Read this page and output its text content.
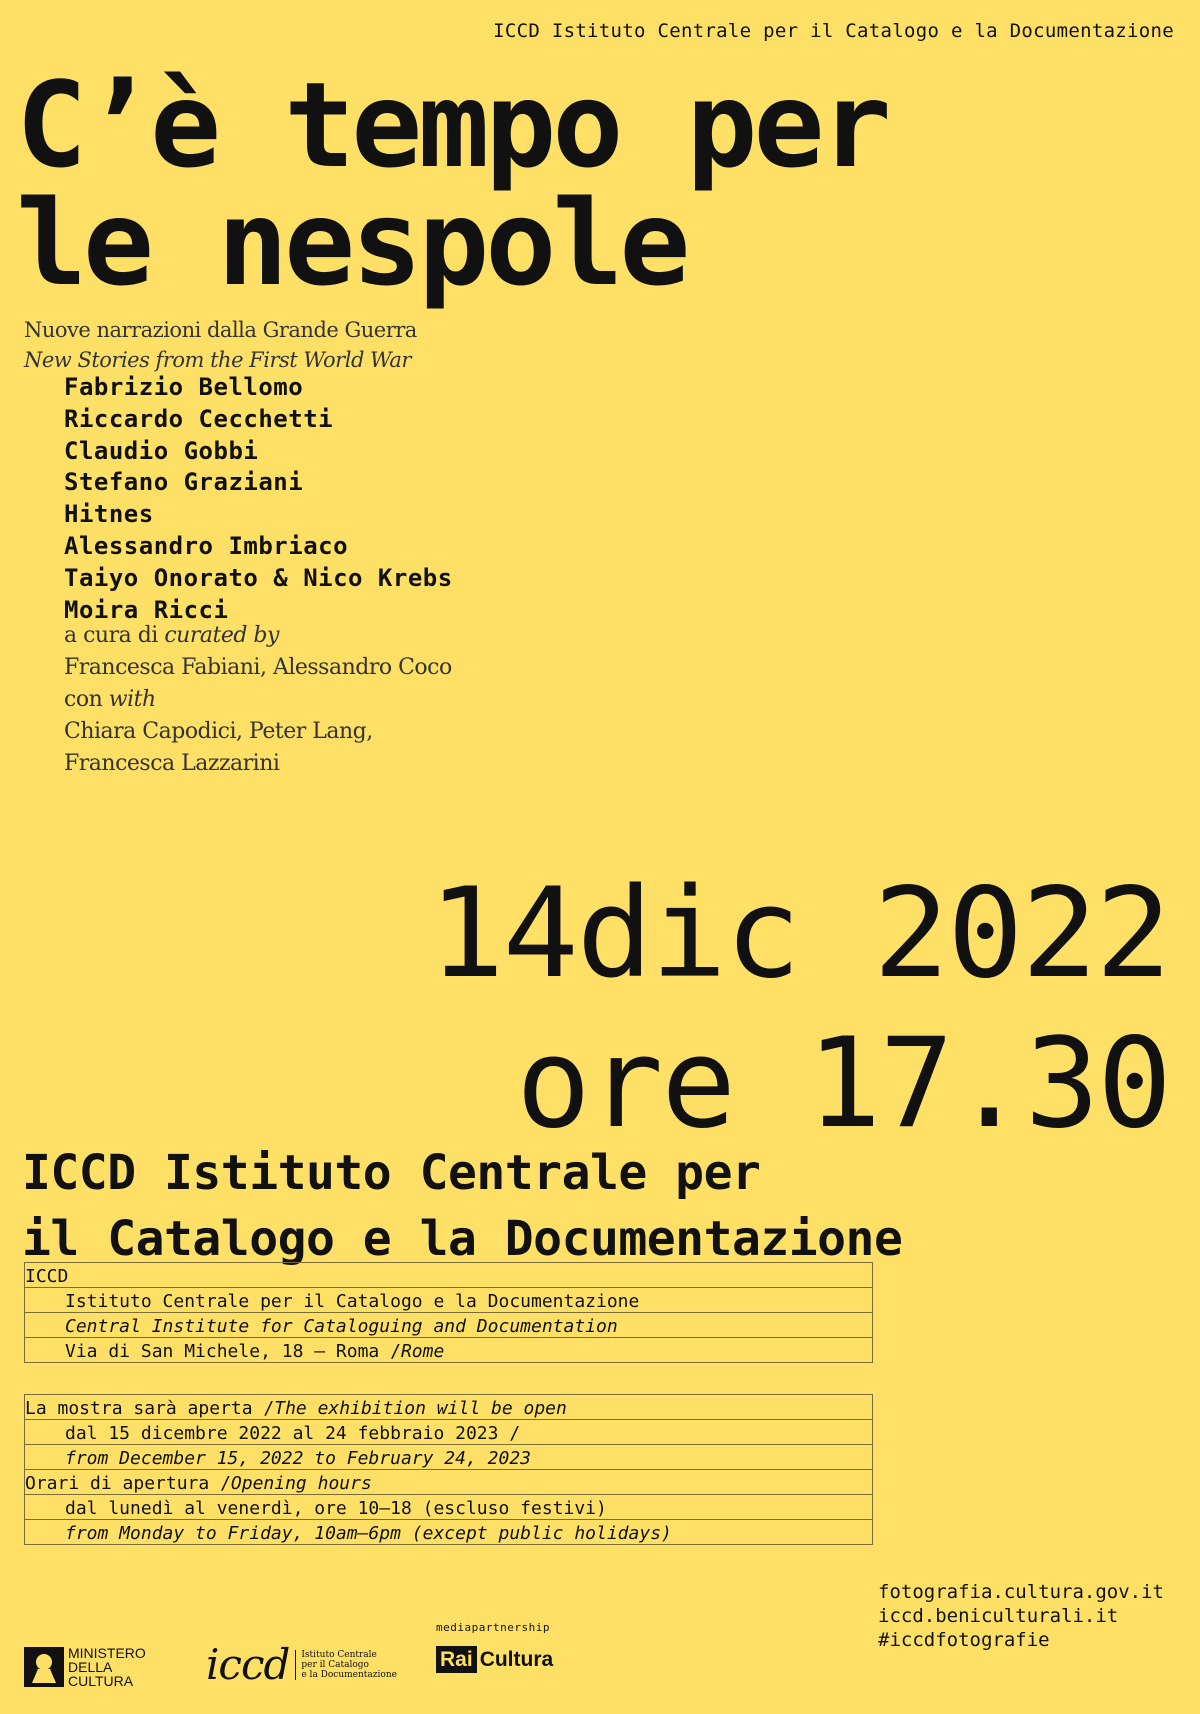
ICCD Istituto Centrale per il Catalogo e la Documentazione
C’è tempo per
le nespole
Nuove narrazioni dalla Grande Guerra
New Stories from the First World War
Fabrizio Bellomo
Riccardo Cecchetti
Claudio Gobbi
Stefano Graziani
Hitnes
Alessandro Imbriaco
Taiyo Onorato & Nico Krebs
Moira Ricci
a cura di curated by
Francesca Fabiani, Alessandro Coco
con with
Chiara Capodici, Peter Lang,
Francesca Lazzarini
14dic 2022
ore 17.30
ICCD Istituto Centrale per
il Catalogo e la Documentazione
ICCD
Istituto Centrale per il Catalogo e la Documentazione
Central Institute for Cataloguing and Documentation
Via di San Michele, 18 — Roma /Rome
La mostra sarà aperta /The exhibition will be open
dal 15 dicembre 2022 al 24 febbraio 2023 /
from December 15, 2022 to February 24, 2023
Orari di apertura /Opening hours
dal lunedì al venerdì, ore 10–18 (escluso festivi)
from Monday to Friday, 10am–6pm (except public holidays)
fotografia.cultura.gov.it
iccd.beniculturali.it
#iccdfotografie
MINISTERO
DELLA
CULTURA	iccd Istituto Centrale
per il Catalogo
e la Documentazione
mediapartnership
Rai Cultura
